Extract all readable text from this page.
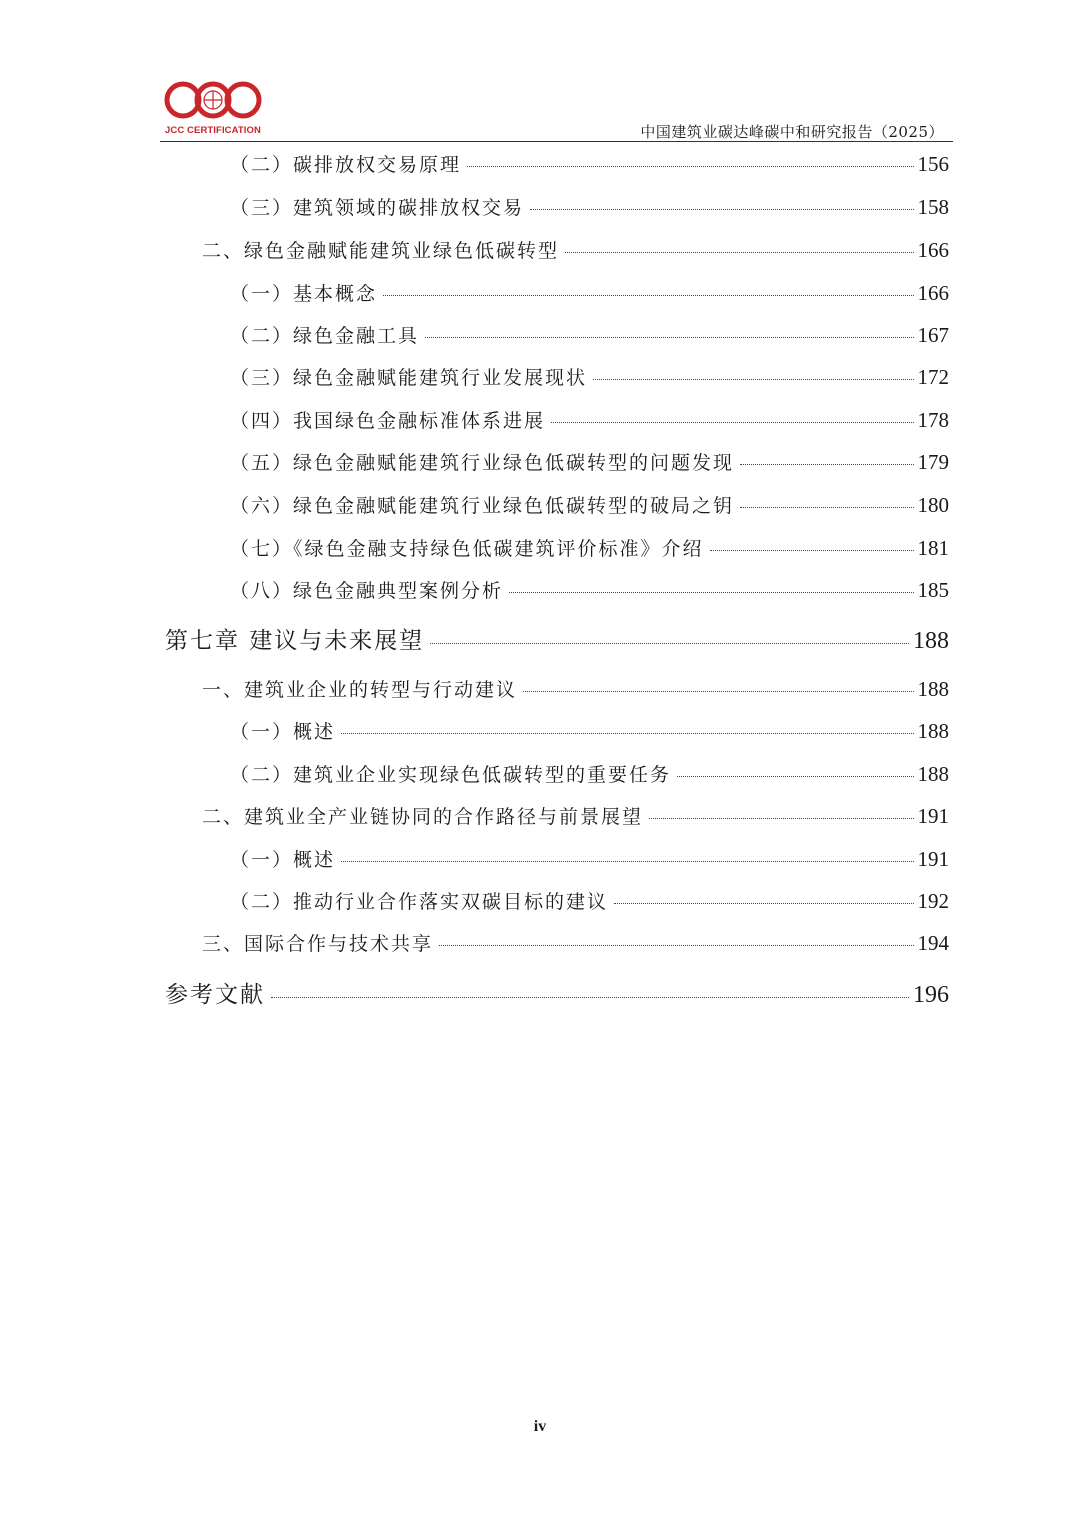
JCC CERTIFICATION	中国建筑业碳达峰碳中和研究报告（2025）
（二）碳排放权交易原理	156
（三）建筑领域的碳排放权交易	158
二、绿色金融赋能建筑业绿色低碳转型	166
（一）基本概念	166
（二）绿色金融工具	167
（三）绿色金融赋能建筑行业发展现状	172
（四）我国绿色金融标准体系进展	178
（五）绿色金融赋能建筑行业绿色低碳转型的问题发现	179
（六）绿色金融赋能建筑行业绿色低碳转型的破局之钥	180
（七）《绿色金融支持绿色低碳建筑评价标准》介绍	181
（八）绿色金融典型案例分析	185
第七章 建议与未来展望	188
一、建筑业企业的转型与行动建议	188
（一）概述	188
（二）建筑业企业实现绿色低碳转型的重要任务	188
二、建筑业全产业链协同的合作路径与前景展望	191
（一）概述	191
（二）推动行业合作落实双碳目标的建议	192
三、国际合作与技术共享	194
参考文献	196
iv
